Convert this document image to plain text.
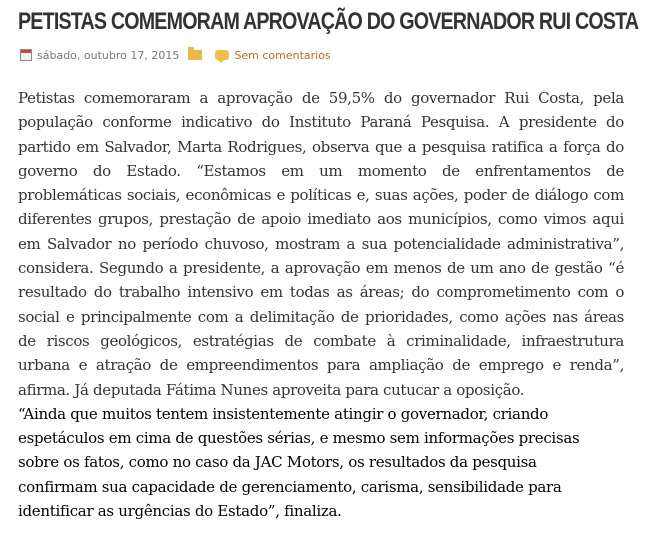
PETISTAS COMEMORAM APROVAÇÃO DO GOVERNADOR RUI COSTA
sábado, outubro 17, 2015	Sem comentarios

Petistas comemoraram a aprovação de 59,5% do governador Rui Costa, pela população conforme indicativo do Instituto Paraná Pesquisa. A presidente do partido em Salvador, Marta Rodrigues, observa que a pesquisa ratifica a força do governo do Estado. “Estamos em um momento de enfrentamentos de problemáticas sociais, econômicas e políticas e, suas ações, poder de diálogo com diferentes grupos, prestação de apoio imediato aos municípios, como vimos aqui em Salvador no período chuvoso, mostram a sua potencialidade administrativa”, considera. Segundo a presidente, a aprovação em menos de um ano de gestão “é resultado do trabalho intensivo em todas as áreas; do comprometimento com o social e principalmente com a delimitação de prioridades, como ações nas áreas de riscos geológicos, estratégias de combate à criminalidade, infraestrutura urbana e atração de empreendimentos para ampliação de emprego e renda”, afirma. Já deputada Fátima Nunes aproveita para cutucar a oposição.

“Ainda que muitos tentem insistentemente atingir o governador, criando espetáculos em cima de questões sérias, e mesmo sem informações precisas sobre os fatos, como no caso da JAC Motors, os resultados da pesquisa confirmam sua capacidade de gerenciamento, carisma, sensibilidade para identificar as urgências do Estado”, finaliza.
